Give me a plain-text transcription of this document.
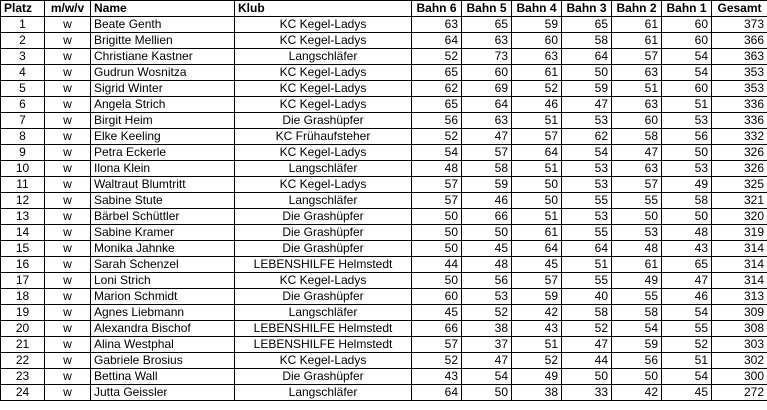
Platz	m/w/v	Name	Klub	Bahn 6	Bahn 5	Bahn 4	Bahn 3	Bahn 2	Bahn 1	Gesamt
1	w	Beate Genth	KC Kegel-Ladys	63	65	59	65	61	60	373
2	w	Brigitte Mellien	KC Kegel-Ladys	64	63	60	58	61	60	366
3	w	Christiane Kastner	Langschläfer	52	73	63	64	57	54	363
4	w	Gudrun Wosnitza	KC Kegel-Ladys	65	60	61	50	63	54	353
5	w	Sigrid Winter	KC Kegel-Ladys	62	69	52	59	51	60	353
6	w	Angela Strich	KC Kegel-Ladys	65	64	46	47	63	51	336
7	w	Birgit Heim	Die Grashüpfer	56	63	51	53	60	53	336
8	w	Elke Keeling	KC Frühaufsteher	52	47	57	62	58	56	332
9	w	Petra Eckerle	KC Kegel-Ladys	54	57	64	54	47	50	326
10	w	Ilona Klein	Langschläfer	48	58	51	53	63	53	326
11	w	Waltraut Blumtritt	KC Kegel-Ladys	57	59	50	53	57	49	325
12	w	Sabine Stute	Langschläfer	57	46	50	55	55	58	321
13	w	Bärbel Schüttler	Die Grashüpfer	50	66	51	53	50	50	320
14	w	Sabine Kramer	Die Grashüpfer	50	50	61	55	53	48	319
15	w	Monika Jahnke	Die Grashüpfer	50	45	64	64	48	43	314
16	w	Sarah Schenzel	LEBENSHILFE Helmstedt	44	48	45	51	61	65	314
17	w	Loni Strich	KC Kegel-Ladys	50	56	57	55	49	47	314
18	w	Marion Schmidt	Die Grashüpfer	60	53	59	40	55	46	313
19	w	Agnes Liebmann	Langschläfer	45	52	42	58	58	54	309
20	w	Alexandra Bischof	LEBENSHILFE Helmstedt	66	38	43	52	54	55	308
21	w	Alina Westphal	LEBENSHILFE Helmstedt	57	37	51	47	59	52	303
22	w	Gabriele Brosius	KC Kegel-Ladys	52	47	52	44	56	51	302
23	w	Bettina Wall	Die Grashüpfer	43	54	49	50	50	54	300
24	w	Jutta Geissler	Langschläfer	64	50	38	33	42	45	272
